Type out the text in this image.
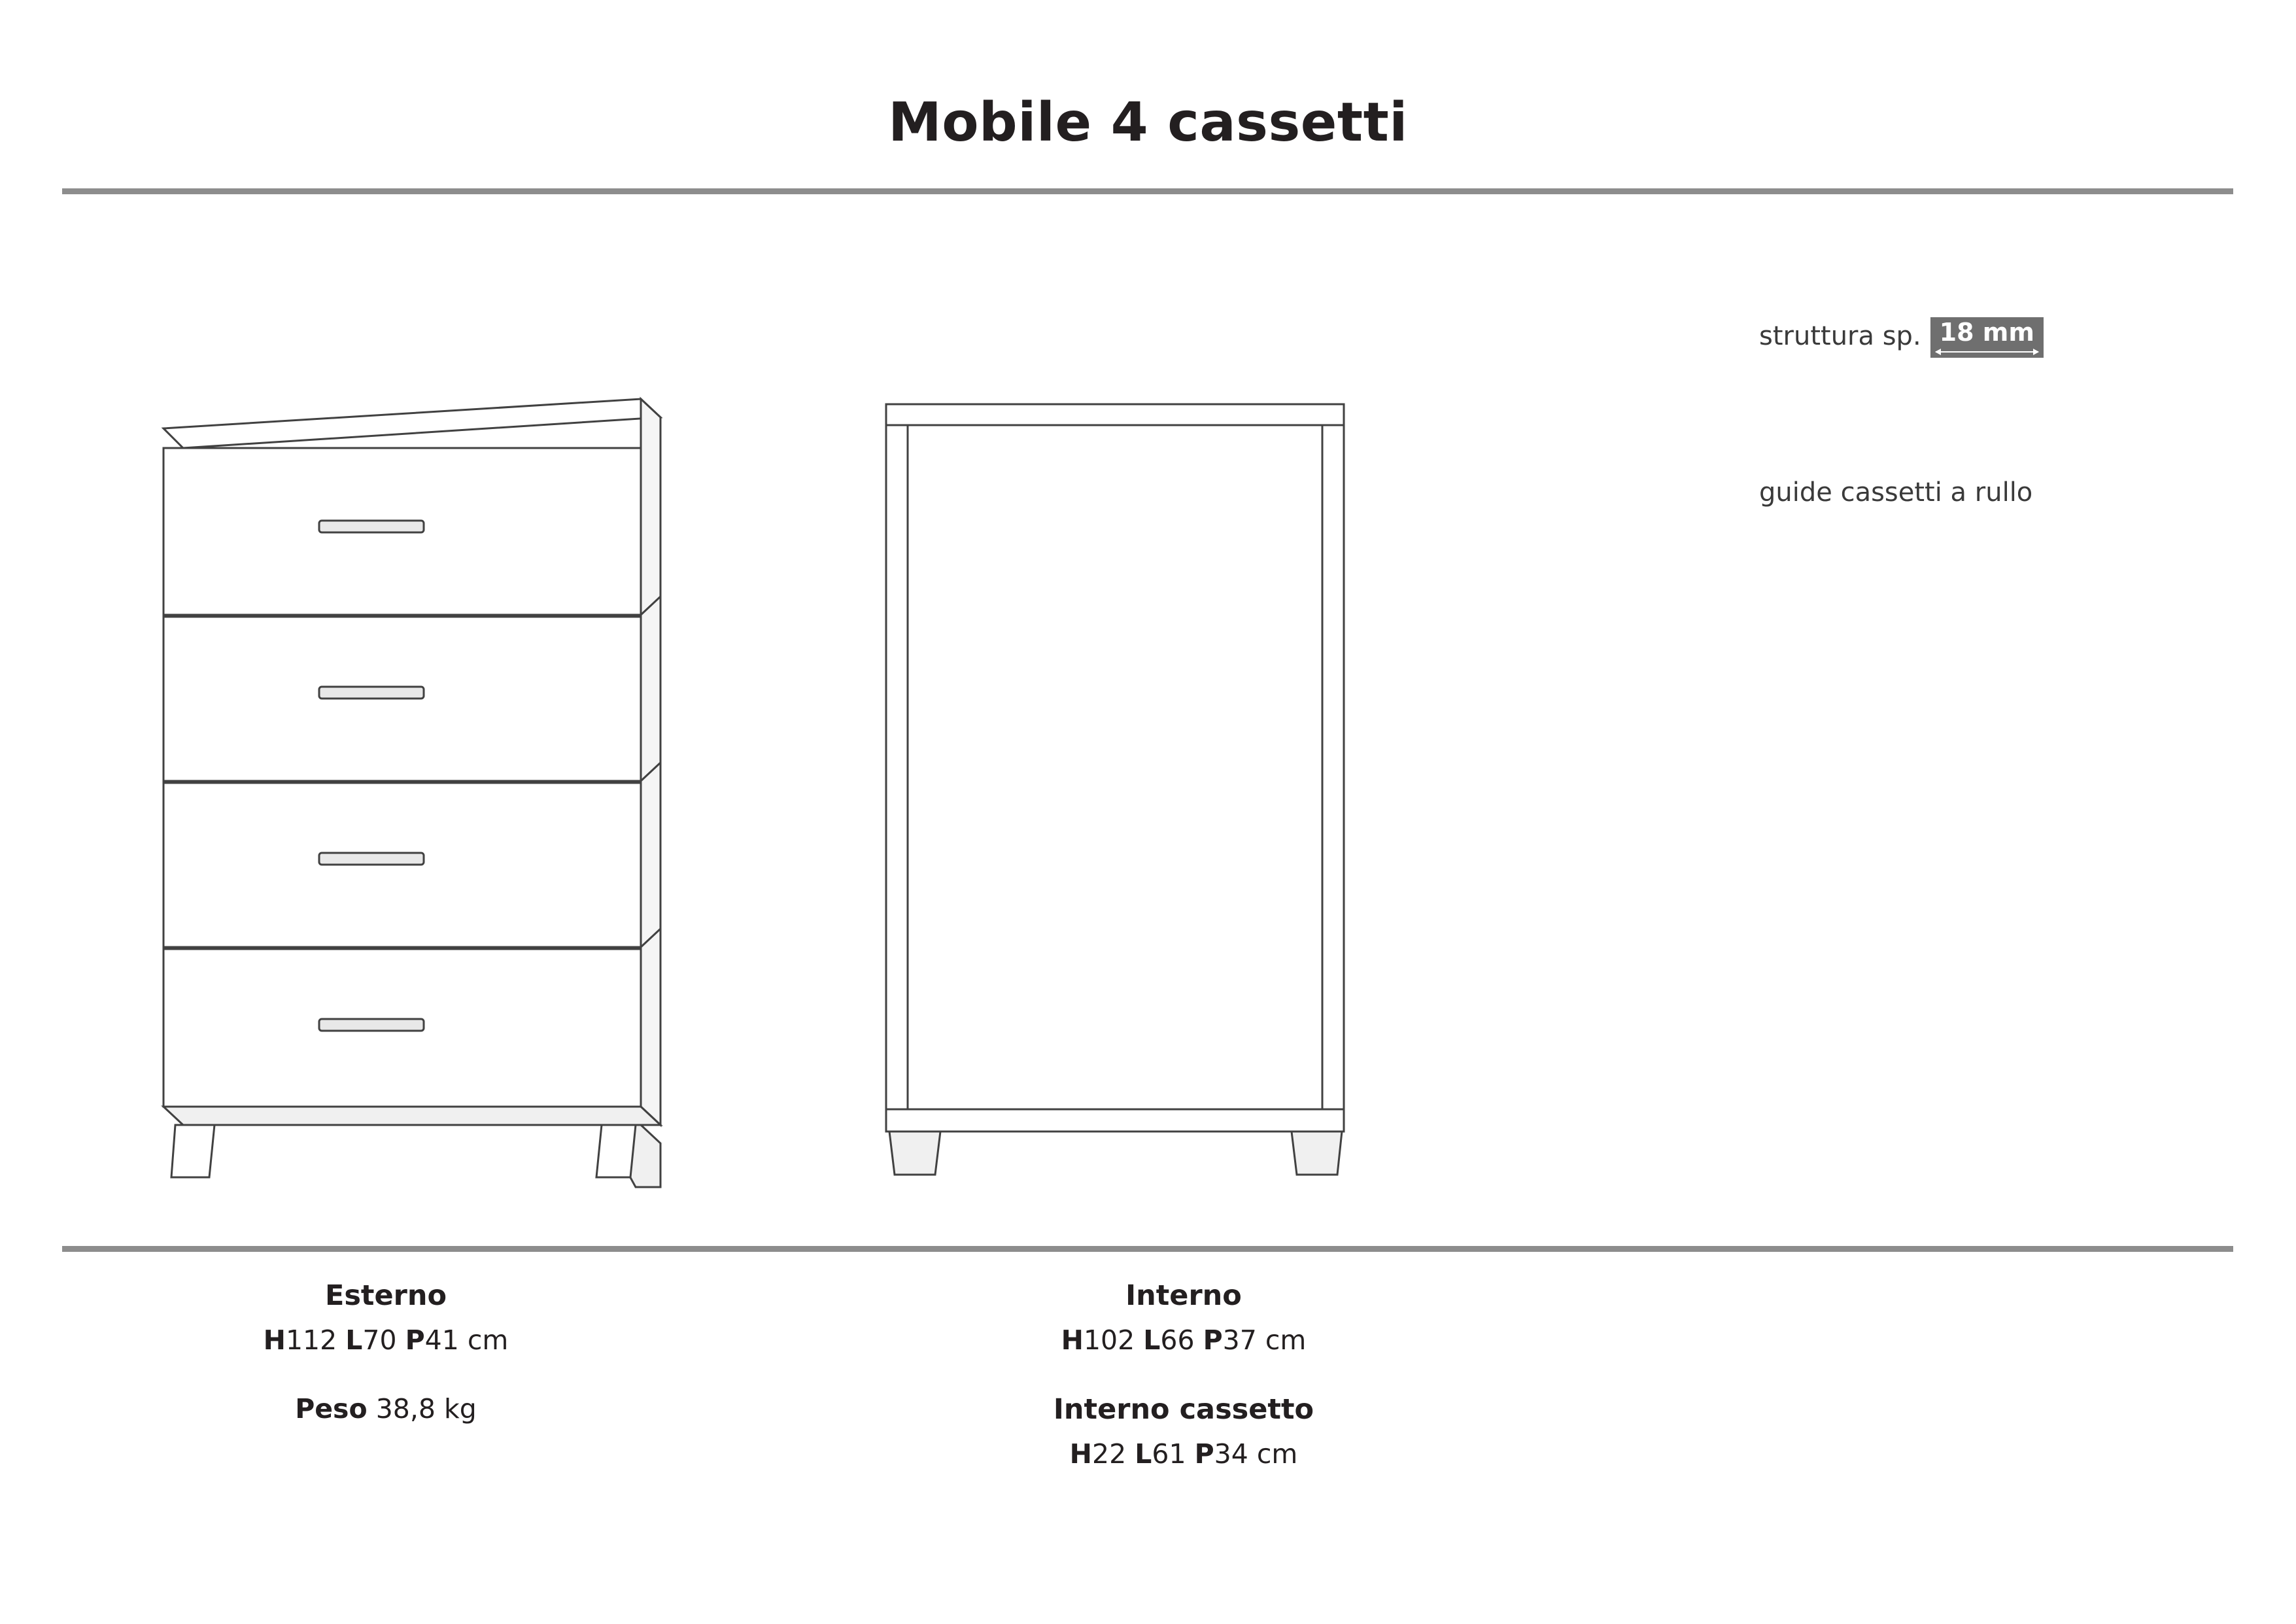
Mobile 4 cassetti
struttura sp. 18 mm
guide cassetti a rullo
Esterno
H112 L70 P41 cm
Peso 38,8 kg
Interno
H102 L66 P37 cm
Interno cassetto
H22 L61 P34 cm
